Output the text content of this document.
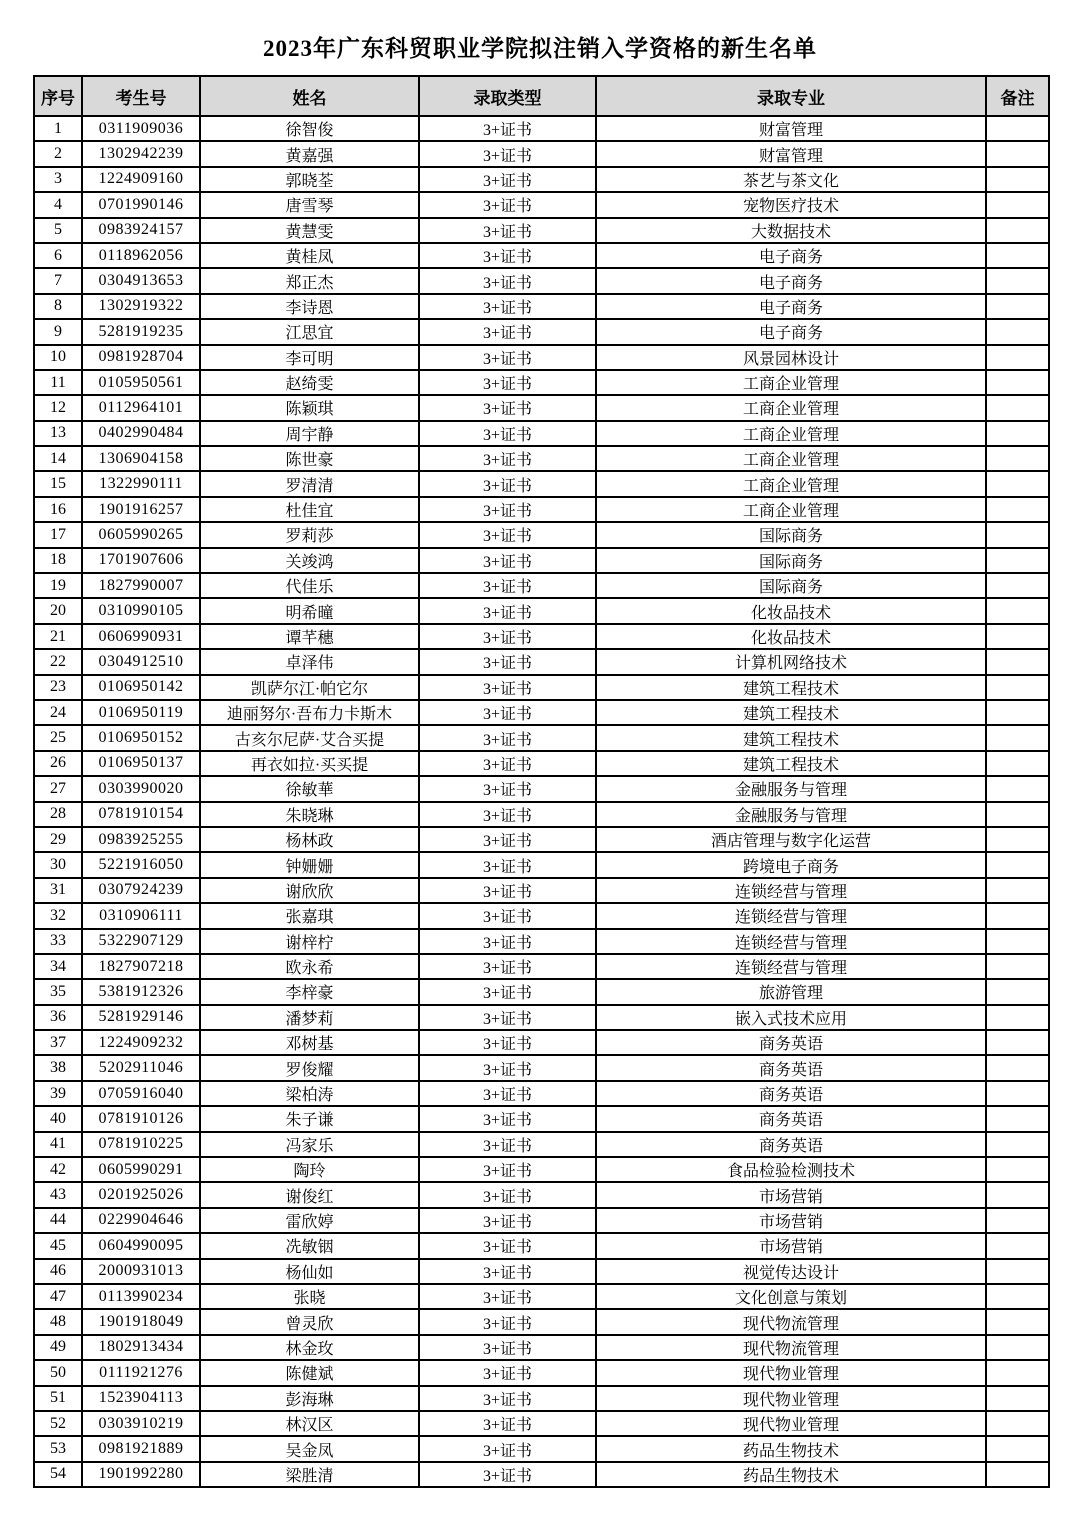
2023年广东科贸职业学院拟注销入学资格的新生名单
序号	考生号	姓名	录取类型	录取专业	备注
1	0311909036	徐智俊	3+证书	财富管理	
2	1302942239	黄嘉强	3+证书	财富管理	
3	1224909160	郭晓荃	3+证书	茶艺与茶文化	
4	0701990146	唐雪琴	3+证书	宠物医疗技术	
5	0983924157	黄慧雯	3+证书	大数据技术	
6	0118962056	黄桂凤	3+证书	电子商务	
7	0304913653	郑正杰	3+证书	电子商务	
8	1302919322	李诗恩	3+证书	电子商务	
9	5281919235	江思宜	3+证书	电子商务	
10	0981928704	李可明	3+证书	风景园林设计	
11	0105950561	赵绮雯	3+证书	工商企业管理	
12	0112964101	陈颖琪	3+证书	工商企业管理	
13	0402990484	周宇静	3+证书	工商企业管理	
14	1306904158	陈世豪	3+证书	工商企业管理	
15	1322990111	罗清清	3+证书	工商企业管理	
16	1901916257	杜佳宜	3+证书	工商企业管理	
17	0605990265	罗莉莎	3+证书	国际商务	
18	1701907606	关竣鸿	3+证书	国际商务	
19	1827990007	代佳乐	3+证书	国际商务	
20	0310990105	明希曈	3+证书	化妆品技术	
21	0606990931	谭芊穗	3+证书	化妆品技术	
22	0304912510	卓泽伟	3+证书	计算机网络技术	
23	0106950142	凯萨尔江·帕它尔	3+证书	建筑工程技术	
24	0106950119	迪丽努尔·吾布力卡斯木	3+证书	建筑工程技术	
25	0106950152	古亥尔尼萨·艾合买提	3+证书	建筑工程技术	
26	0106950137	再衣如拉·买买提	3+证书	建筑工程技术	
27	0303990020	徐敏華	3+证书	金融服务与管理	
28	0781910154	朱晓琳	3+证书	金融服务与管理	
29	0983925255	杨林政	3+证书	酒店管理与数字化运营	
30	5221916050	钟姗姗	3+证书	跨境电子商务	
31	0307924239	谢欣欣	3+证书	连锁经营与管理	
32	0310906111	张嘉琪	3+证书	连锁经营与管理	
33	5322907129	谢梓柠	3+证书	连锁经营与管理	
34	1827907218	欧永希	3+证书	连锁经营与管理	
35	5381912326	李梓豪	3+证书	旅游管理	
36	5281929146	潘梦莉	3+证书	嵌入式技术应用	
37	1224909232	邓树基	3+证书	商务英语	
38	5202911046	罗俊耀	3+证书	商务英语	
39	0705916040	梁柏涛	3+证书	商务英语	
40	0781910126	朱子谦	3+证书	商务英语	
41	0781910225	冯家乐	3+证书	商务英语	
42	0605990291	陶玲	3+证书	食品检验检测技术	
43	0201925026	谢俊红	3+证书	市场营销	
44	0229904646	雷欣婷	3+证书	市场营销	
45	0604990095	冼敏铟	3+证书	市场营销	
46	2000931013	杨仙如	3+证书	视觉传达设计	
47	0113990234	张晓	3+证书	文化创意与策划	
48	1901918049	曾灵欣	3+证书	现代物流管理	
49	1802913434	林金玫	3+证书	现代物流管理	
50	0111921276	陈健斌	3+证书	现代物业管理	
51	1523904113	彭海琳	3+证书	现代物业管理	
52	0303910219	林汉区	3+证书	现代物业管理	
53	0981921889	吴金凤	3+证书	药品生物技术	
54	1901992280	梁胜清	3+证书	药品生物技术	
